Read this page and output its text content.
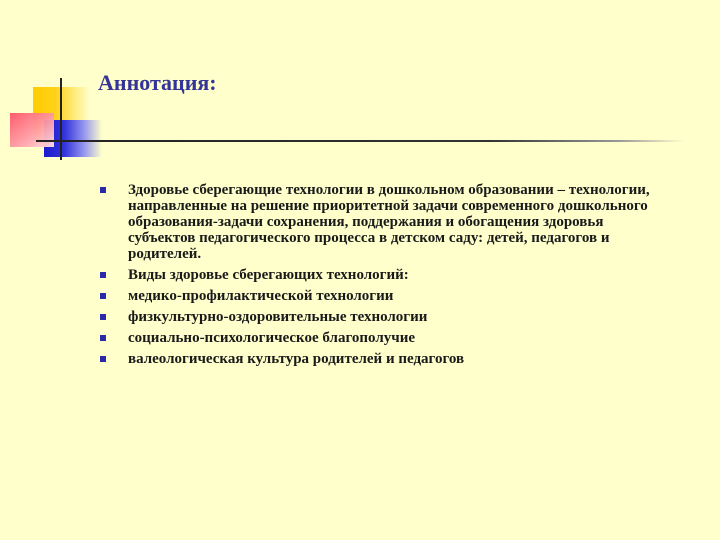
Аннотация:
Здоровье сберегающие технологии в дошкольном образовании – технологии, направленные на решение приоритетной задачи современного дошкольного образования-задачи сохранения, поддержания и обогащения здоровья субъектов педагогического процесса в детском саду: детей, педагогов и родителей.
Виды здоровье сберегающих технологий:
медико-профилактической технологии
физкультурно-оздоровительные технологии
социально-психологическое благополучие
валеологическая культура родителей и педагогов
